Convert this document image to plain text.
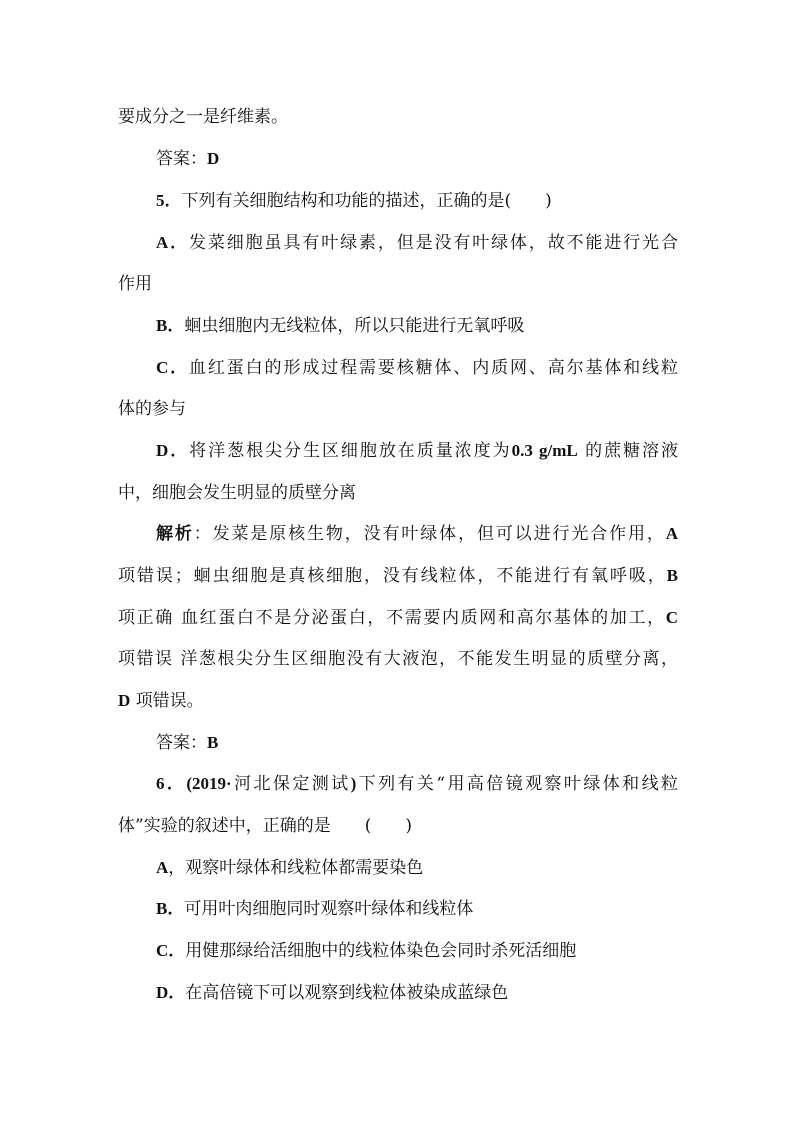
要成分之一是纤维素。
答案：D
5．下列有关细胞结构和功能的描述，正确的是(　　)
A．发菜细胞虽具有叶绿素，但是没有叶绿体，故不能进行光合
作用
B．蛔虫细胞内无线粒体，所以只能进行无氧呼吸
C．血红蛋白的形成过程需要核糖体、内质网、高尔基体和线粒
体的参与
D．将洋葱根尖分生区细胞放在质量浓度为0.3 g/mL 的蔗糖溶液
中，细胞会发生明显的质壁分离
解析：发菜是原核生物，没有叶绿体，但可以进行光合作用，A
项错误；蛔虫细胞是真核细胞，没有线粒体，不能进行有氧呼吸，B
项正确 血红蛋白不是分泌蛋白，不需要内质网和高尔基体的加工，C
项错误 洋葱根尖分生区细胞没有大液泡，不能发生明显的质壁分离，
D 项错误。
答案：B
6．(2019·河北保定测试)下列有关“用高倍镜观察叶绿体和线粒
体”实验的叙述中，正确的是　　(　　)
A，观察叶绿体和线粒体都需要染色
B．可用叶肉细胞同时观察叶绿体和线粒体
C．用健那绿给活细胞中的线粒体染色会同时杀死活细胞
D．在高倍镜下可以观察到线粒体被染成蓝绿色
